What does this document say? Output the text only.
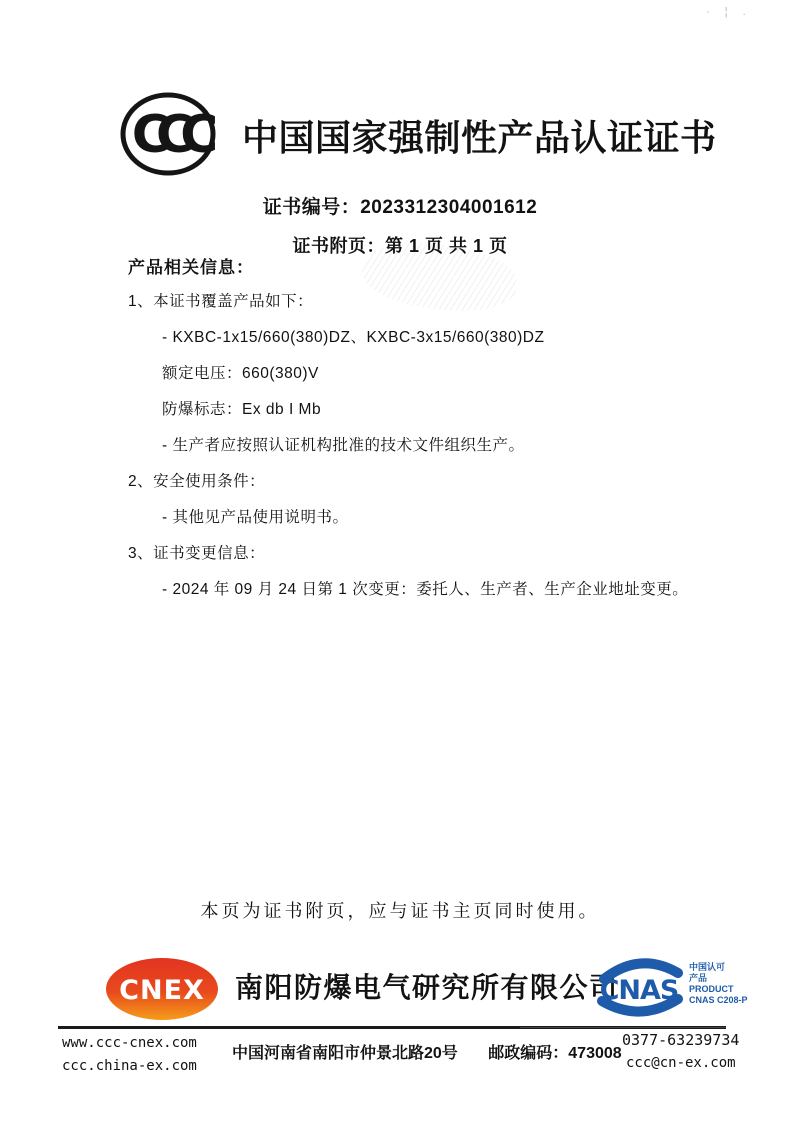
· ¦ .
CCC	中国国家强制性产品认证证书
证书编号：2023312304001612
证书附页：第 1 页 共 1 页
产品相关信息：
1、本证书覆盖产品如下：
- KXBC-1x15/660(380)DZ、KXBC-3x15/660(380)DZ
额定电压：660(380)V
防爆标志：Ex db I Mb
- 生产者应按照认证机构批准的技术文件组织生产。
2、安全使用条件：
- 其他见产品使用说明书。
3、证书变更信息：
- 2024 年 09 月 24 日第 1 次变更：委托人、生产者、生产企业地址变更。
本页为证书附页，应与证书主页同时使用。
CNEX 南阳防爆电气研究所有限公司
CNAS
中国认可
产品
PRODUCT
CNAS C208-P
www.ccc-cnex.com
ccc.china-ex.com
中国河南省南阳市仲景北路20号 邮政编码：473008
0377-63239734
ccc@cn-ex.com
